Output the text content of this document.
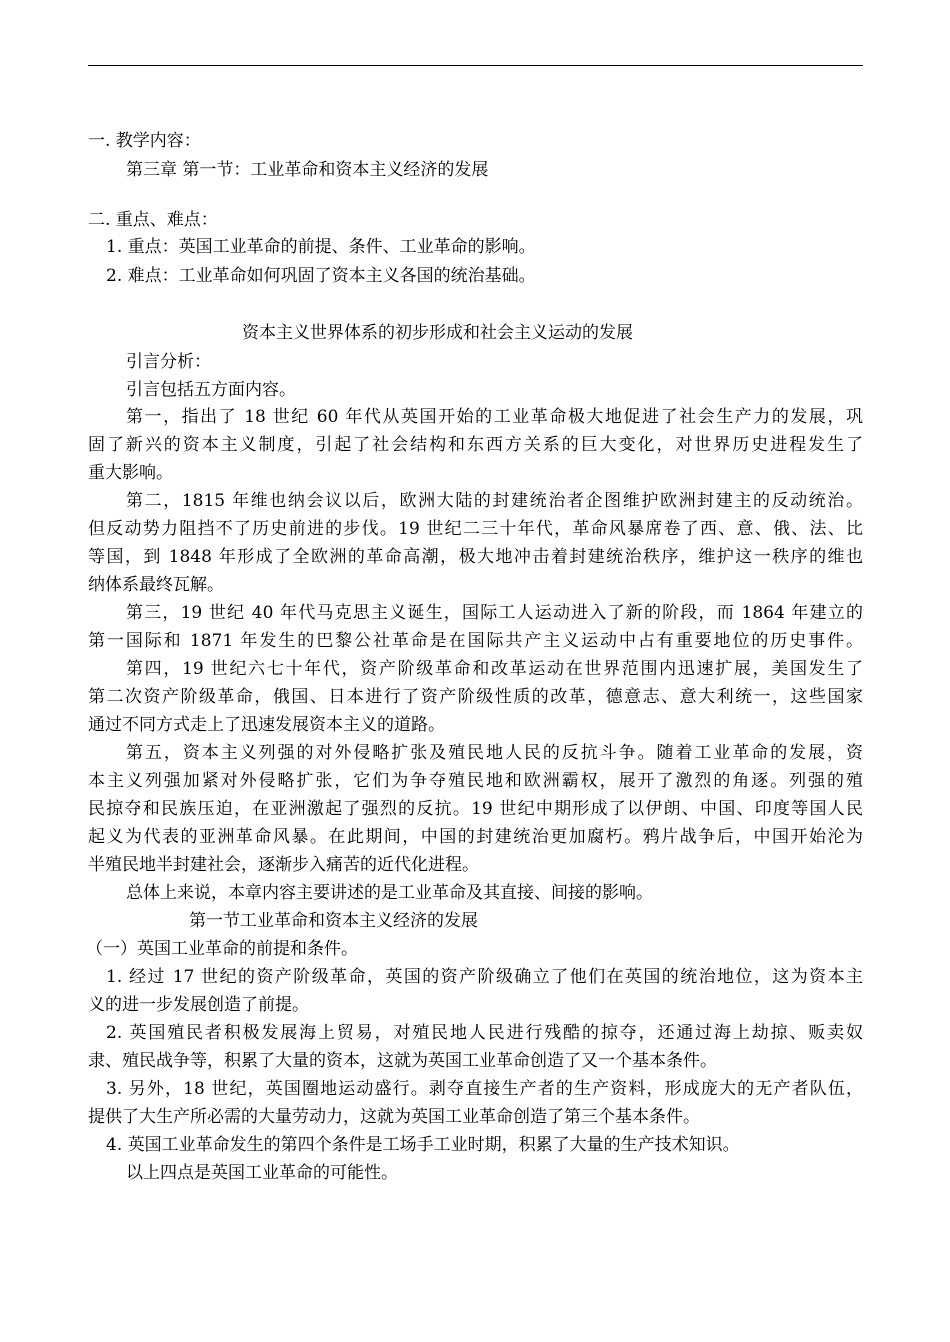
一. 教学内容：
第三章 第一节：工业革命和资本主义经济的发展
二. 重点、难点：
1. 重点：英国工业革命的前提、条件、工业革命的影响。
2. 难点：工业革命如何巩固了资本主义各国的统治基础。
资本主义世界体系的初步形成和社会主义运动的发展
引言分析：
引言包括五方面内容。
第一，指出了 18 世纪 60 年代从英国开始的工业革命极大地促进了社会生产力的发展，巩
固了新兴的资本主义制度，引起了社会结构和东西方关系的巨大变化，对世界历史进程发生了
重大影响。
第二，1815 年维也纳会议以后，欧洲大陆的封建统治者企图维护欧洲封建主的反动统治。
但反动势力阻挡不了历史前进的步伐。19 世纪二三十年代，革命风暴席卷了西、意、俄、法、比
等国，到 1848 年形成了全欧洲的革命高潮，极大地冲击着封建统治秩序，维护这一秩序的维也
纳体系最终瓦解。
第三，19 世纪 40 年代马克思主义诞生，国际工人运动进入了新的阶段，而 1864 年建立的
第一国际和 1871 年发生的巴黎公社革命是在国际共产主义运动中占有重要地位的历史事件。
第四，19 世纪六七十年代，资产阶级革命和改革运动在世界范围内迅速扩展，美国发生了
第二次资产阶级革命，俄国、日本进行了资产阶级性质的改革，德意志、意大利统一，这些国家
通过不同方式走上了迅速发展资本主义的道路。
第五，资本主义列强的对外侵略扩张及殖民地人民的反抗斗争。随着工业革命的发展，资
本主义列强加紧对外侵略扩张，它们为争夺殖民地和欧洲霸权，展开了激烈的角逐。列强的殖
民掠夺和民族压迫，在亚洲激起了强烈的反抗。19 世纪中期形成了以伊朗、中国、印度等国人民
起义为代表的亚洲革命风暴。在此期间，中国的封建统治更加腐朽。鸦片战争后，中国开始沦为
半殖民地半封建社会，逐渐步入痛苦的近代化进程。
总体上来说，本章内容主要讲述的是工业革命及其直接、间接的影响。
第一节工业革命和资本主义经济的发展
（一）英国工业革命的前提和条件。
1. 经过 17 世纪的资产阶级革命，英国的资产阶级确立了他们在英国的统治地位，这为资本主
义的进一步发展创造了前提。
2. 英国殖民者积极发展海上贸易，对殖民地人民进行残酷的掠夺，还通过海上劫掠、贩卖奴
隶、殖民战争等，积累了大量的资本，这就为英国工业革命创造了又一个基本条件。
3. 另外，18 世纪，英国圈地运动盛行。剥夺直接生产者的生产资料，形成庞大的无产者队伍，
提供了大生产所必需的大量劳动力，这就为英国工业革命创造了第三个基本条件。
4. 英国工业革命发生的第四个条件是工场手工业时期，积累了大量的生产技术知识。
以上四点是英国工业革命的可能性。
